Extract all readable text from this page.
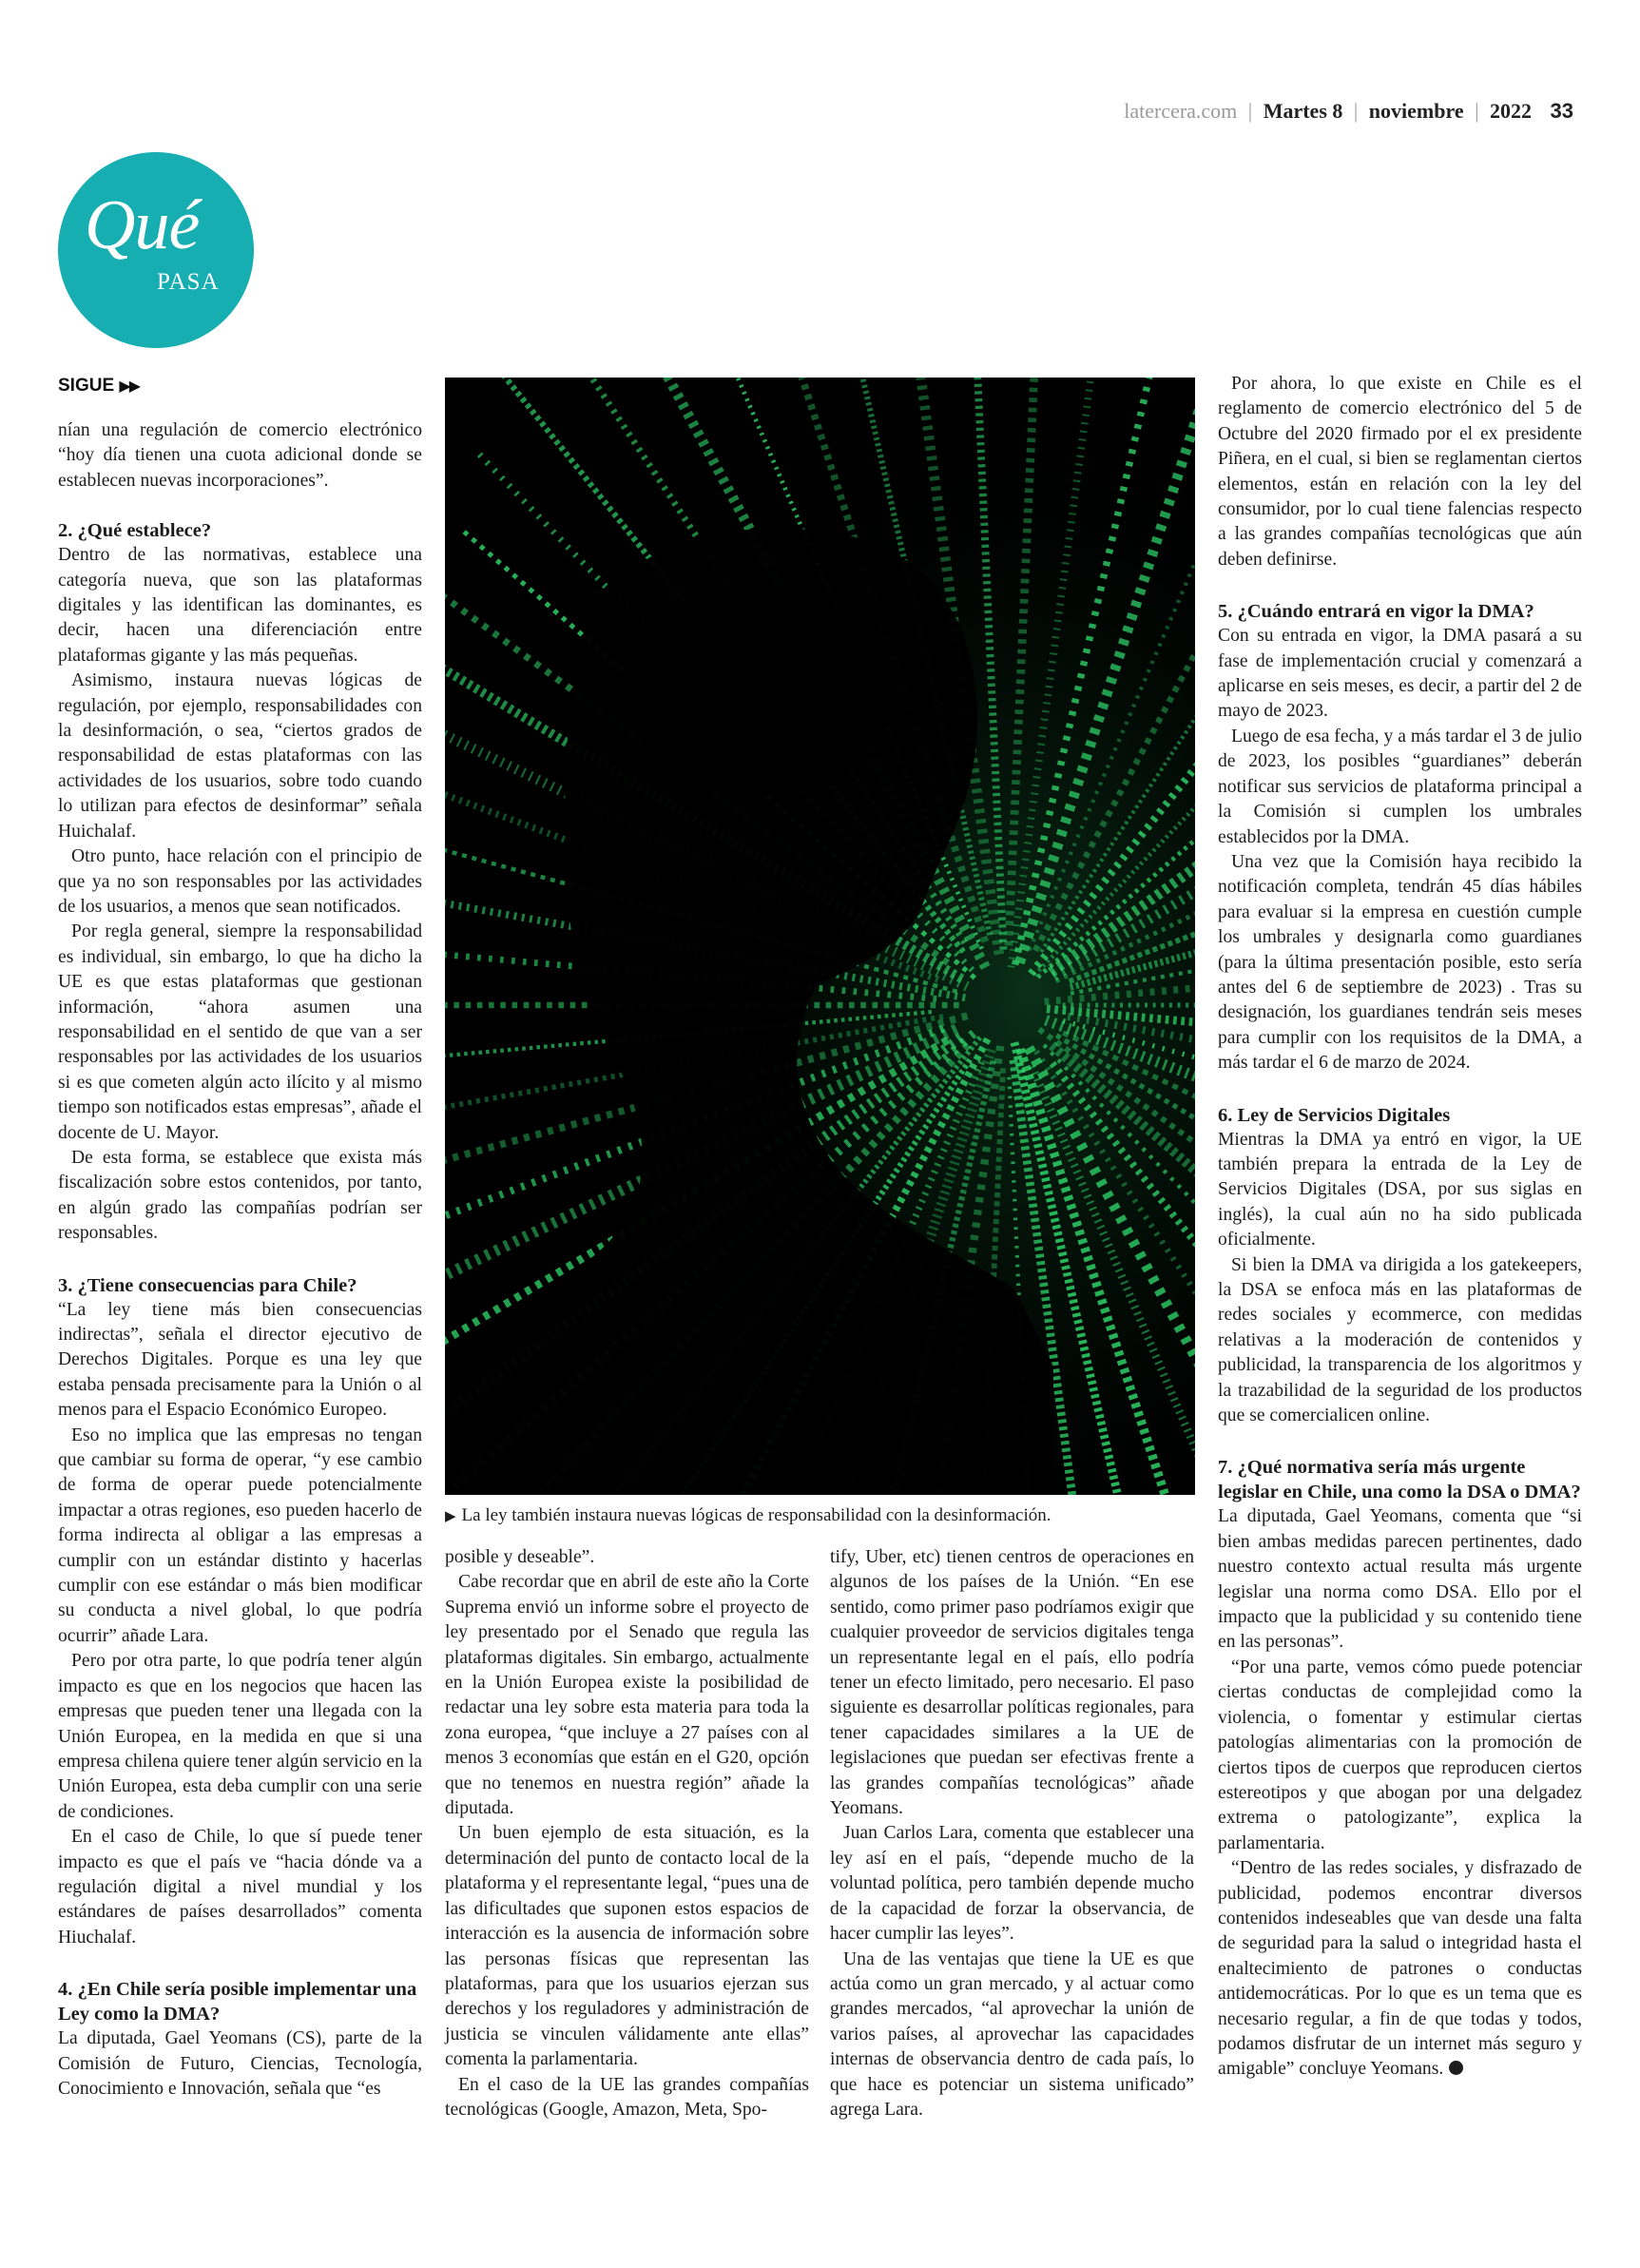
latercera.com | Martes 8 | noviembre | 2022 33
Qué
PASA
SIGUE ▶▶

nían una regulación de comercio electrónico “hoy día tienen una cuota adicional donde se establecen nuevas incorporaciones”.

2. ¿Qué establece?

Dentro de las normativas, establece una categoría nueva, que son las plataformas digitales y las identifican las dominantes, es decir, hacen una diferenciación entre plataformas gigante y las más pequeñas.

Asimismo, instaura nuevas lógicas de regulación, por ejemplo, responsabilidades con la desinformación, o sea, “ciertos grados de responsabilidad de estas plataformas con las actividades de los usuarios, sobre todo cuando lo utilizan para efectos de desinformar” señala Huichalaf.

Otro punto, hace relación con el principio de que ya no son responsables por las actividades de los usuarios, a menos que sean notificados.

Por regla general, siempre la responsabilidad es individual, sin embargo, lo que ha dicho la UE es que estas plataformas que gestionan información, “ahora asumen una responsabilidad en el sentido de que van a ser responsables por las actividades de los usuarios si es que cometen algún acto ilícito y al mismo tiempo son notificados estas empresas”, añade el docente de U. Mayor.

De esta forma, se establece que exista más fiscalización sobre estos contenidos, por tanto, en algún grado las compañías podrían ser responsables.

3. ¿Tiene consecuencias para Chile?

“La ley tiene más bien consecuencias indirectas”, señala el director ejecutivo de Derechos Digitales. Porque es una ley que estaba pensada precisamente para la Unión o al menos para el Espacio Económico Europeo.

Eso no implica que las empresas no tengan que cambiar su forma de operar, “y ese cambio de forma de operar puede potencialmente impactar a otras regiones, eso pueden hacerlo de forma indirecta al obligar a las empresas a cumplir con un estándar distinto y hacerlas cumplir con ese estándar o más bien modificar su conducta a nivel global, lo que podría ocurrir” añade Lara.

Pero por otra parte, lo que podría tener algún impacto es que en los negocios que hacen las empresas que pueden tener una llegada con la Unión Europea, en la medida en que si una empresa chilena quiere tener algún servicio en la Unión Europea, esta deba cumplir con una serie de condiciones.

En el caso de Chile, lo que sí puede tener impacto es que el país ve “hacia dónde va a regulación digital a nivel mundial y los estándares de países desarrollados” comenta Hiuchalaf.

4. ¿En Chile sería posible implementar una Ley como la DMA?

La diputada, Gael Yeomans (CS), parte de la Comisión de Futuro, Ciencias, Tecnología, Conocimiento e Innovación, señala que “es

▶ La ley también instaura nuevas lógicas de responsabilidad con la desinformación.

posible y deseable”.

Cabe recordar que en abril de este año la Corte Suprema envió un informe sobre el proyecto de ley presentado por el Senado que regula las plataformas digitales. Sin embargo, actualmente en la Unión Europea existe la posibilidad de redactar una ley sobre esta materia para toda la zona europea, “que incluye a 27 países con al menos 3 economías que están en el G20, opción que no tenemos en nuestra región” añade la diputada.

Un buen ejemplo de esta situación, es la determinación del punto de contacto local de la plataforma y el representante legal, “pues una de las dificultades que suponen estos espacios de interacción es la ausencia de información sobre las personas físicas que representan las plataformas, para que los usuarios ejerzan sus derechos y los reguladores y administración de justicia se vinculen válidamente ante ellas” comenta la parlamentaria.

En el caso de la UE las grandes compañías tecnológicas (Google, Amazon, Meta, Spo-

tify, Uber, etc) tienen centros de operaciones en algunos de los países de la Unión. “En ese sentido, como primer paso podríamos exigir que cualquier proveedor de servicios digitales tenga un representante legal en el país, ello podría tener un efecto limitado, pero necesario. El paso siguiente es desarrollar políticas regionales, para tener capacidades similares a la UE de legislaciones que puedan ser efectivas frente a las grandes compañías tecnológicas” añade Yeomans.

Juan Carlos Lara, comenta que establecer una ley así en el país, “depende mucho de la voluntad política, pero también depende mucho de la capacidad de forzar la observancia, de hacer cumplir las leyes”.

Una de las ventajas que tiene la UE es que actúa como un gran mercado, y al actuar como grandes mercados, “al aprovechar la unión de varios países, al aprovechar las capacidades internas de observancia dentro de cada país, lo que hace es potenciar un sistema unificado” agrega Lara.

Por ahora, lo que existe en Chile es el reglamento de comercio electrónico del 5 de Octubre del 2020 firmado por el ex presidente Piñera, en el cual, si bien se reglamentan ciertos elementos, están en relación con la ley del consumidor, por lo cual tiene falencias respecto a las grandes compañías tecnológicas que aún deben definirse.

5. ¿Cuándo entrará en vigor la DMA?

Con su entrada en vigor, la DMA pasará a su fase de implementación crucial y comenzará a aplicarse en seis meses, es decir, a partir del 2 de mayo de 2023.

Luego de esa fecha, y a más tardar el 3 de julio de 2023, los posibles “guardianes” deberán notificar sus servicios de plataforma principal a la Comisión si cumplen los umbrales establecidos por la DMA.

Una vez que la Comisión haya recibido la notificación completa, tendrán 45 días hábiles para evaluar si la empresa en cuestión cumple los umbrales y designarla como guardianes (para la última presentación posible, esto sería antes del 6 de septiembre de 2023) . Tras su designación, los guardianes tendrán seis meses para cumplir con los requisitos de la DMA, a más tardar el 6 de marzo de 2024.

6. Ley de Servicios Digitales

Mientras la DMA ya entró en vigor, la UE también prepara la entrada de la Ley de Servicios Digitales (DSA, por sus siglas en inglés), la cual aún no ha sido publicada oficialmente.

Si bien la DMA va dirigida a los gatekeepers, la DSA se enfoca más en las plataformas de redes sociales y ecommerce, con medidas relativas a la moderación de contenidos y publicidad, la transparencia de los algoritmos y la trazabilidad de la seguridad de los productos que se comercialicen online.

7. ¿Qué normativa sería más urgente legislar en Chile, una como la DSA o DMA?

La diputada, Gael Yeomans, comenta que “si bien ambas medidas parecen pertinentes, dado nuestro contexto actual resulta más urgente legislar una norma como DSA. Ello por el impacto que la publicidad y su contenido tiene en las personas”.

“Por una parte, vemos cómo puede potenciar ciertas conductas de complejidad como la violencia, o fomentar y estimular ciertas patologías alimentarias con la promoción de ciertos tipos de cuerpos que reproducen ciertos estereotipos y que abogan por una delgadez extrema o patologizante”, explica la parlamentaria.

“Dentro de las redes sociales, y disfrazado de publicidad, podemos encontrar diversos contenidos indeseables que van desde una falta de seguridad para la salud o integridad hasta el enaltecimiento de patrones o conductas antidemocráticas. Por lo que es un tema que es necesario regular, a fin de que todas y todos, podamos disfrutar de un internet más seguro y amigable” concluye Yeomans.
